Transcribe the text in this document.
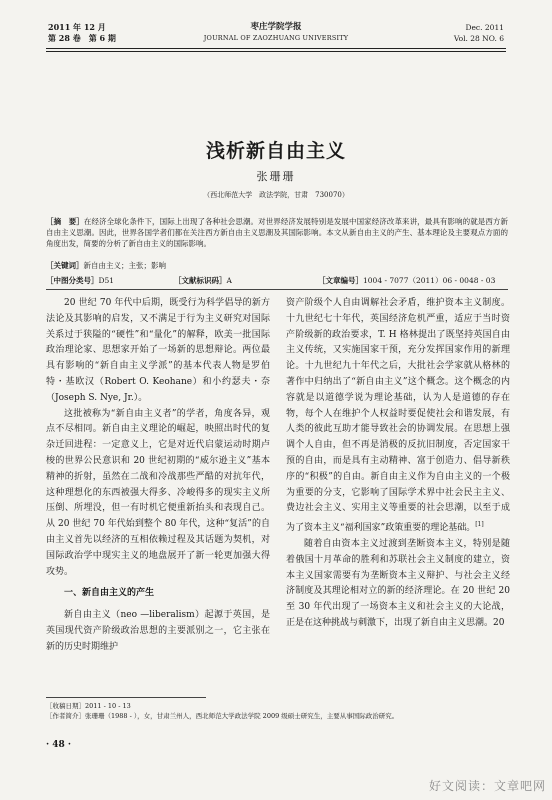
2011 年 12 月
第 28 卷　第 6 期
枣庄学院学报
JOURNAL OF ZAOZHUANG UNIVERSITY
Dec. 2011
Vol. 28 NO. 6
浅析新自由主义
张珊珊
（西北师范大学　政法学院，甘肃　730070）
［摘　要］在经济全球化条件下，国际上出现了各种社会思潮。对世界经济发展特别是发展中国家经济改革来讲，最具有影响的就是西方新自由主义思潮。因此，世界各国学者们都在关注西方新自由主义思潮及其国际影响。本文从新自由主义的产生、基本理论及主要观点方面的角度出发，简要的分析了新自由主义的国际影响。
［关键词］新自由主义；主张；影响
［中图分类号］D51	［文献标识码］A	［文章编号］1004 - 7077（2011）06 - 0048 - 03

20 世纪 70 年代中后期，既受行为科学倡导的新方法论及其影响的启发，又不满足于行为主义研究对国际关系过于狭隘的“硬性”和“量化”的解释，欧美一批国际政治理论家、思想家开始了一场新的思想辩论。两位最具有影响的“新自由主义学派”的基本代表人物是罗伯特・基欧汉（Robert O. Keohane）和小约瑟夫・奈（Joseph S. Nye, Jr.）。

这批被称为“新自由主义者”的学者，角度各异，观点不尽相同。新自由主义理论的崛起，映照出时代的复杂迁回进程：一定意义上，它是对近代启蒙运动时期卢梭的世界公民意识和 20 世纪初期的“威尔逊主义”基本精神的折射，虽然在二战和冷战那些严酷的对抗年代，这种理想化的东西被强大得多、冷峻得多的现实主义所压倒、所埋没，但一有时机它便重新抬头和表现自己。从 20 世纪 70 年代始到整个 80 年代，这种“复活”的自由主义首先以经济的互相依赖过程及其话题为契机，对国际政治学中现实主义的地盘展开了新一轮更加强大得攻势。

一、新自由主义的产生

新自由主义（neo —liberalism）起源于英国，是英国现代资产阶级政治思想的主要派别之一，它主张在新的历史时期维护

资产阶级个人自由调解社会矛盾，维护资本主义制度。十九世纪七十年代，英国经济危机严重，适应于当时资产阶级新的政治要求，T. H 格林提出了既坚持英国自由主义传统，又实施国家干预，充分发挥国家作用的新理论。十九世纪九十年代之后，大批社会学家就从格林的著作中归纳出了“新自由主义”这个概念。这个概念的内容就是以道德学说为理论基础，认为人是道德的存在物，每个人在维护个人权益时要促使社会和谐发展，有人类的彼此互助才能导致社会的协调发展。在思想上强调个人自由，但不再是消极的反抗旧制度，否定国家干预的自由，而是具有主动精神、富于创造力、倡导新秩序的“积极”的自由。新自由主义作为自由主义的一个极为重要的分支，它影响了国际学术界中社会民主主义、费边社会主义、实用主义等重要的社会思潮，以至于成为了资本主义“福利国家”政策重要的理论基础。[1]

随着自由资本主义过渡到垄断资本主义，特别是随着俄国十月革命的胜利和苏联社会主义制度的建立，资本主义国家需要有为垄断资本主义辩护、与社会主义经济制度及其理论相对立的新的经济理论。在 20 世纪 20 至 30 年代出现了一场资本主义和社会主义的大论战，正是在这种挑战与刺激下，出现了新自由主义思潮。20

［收稿日期］2011 - 10 - 13
［作者简介］张珊珊（1988 - ），女，甘肃兰州人，西北师范大学政法学院 2009 级硕士研究生，主要从事国际政治研究。
· 48 ·
好文阅读：文章吧网
